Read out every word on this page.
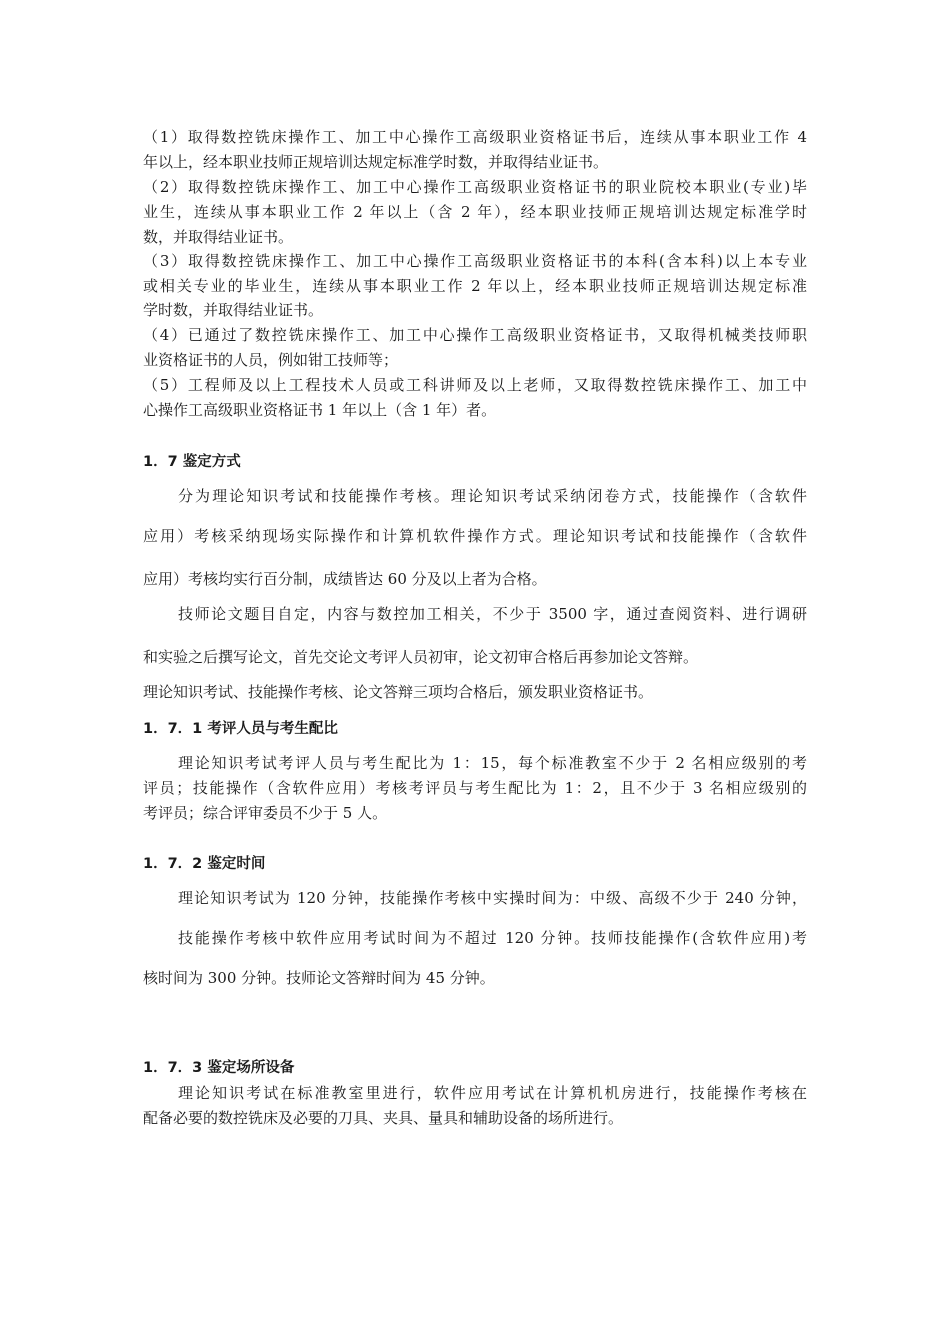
（1）取得数控铣床操作工、加工中心操作工高级职业资格证书后，连续从事本职业工作 4
年以上，经本职业技师正规培训达规定标准学时数，并取得结业证书。
（2）取得数控铣床操作工、加工中心操作工高级职业资格证书的职业院校本职业(专业)毕
业生，连续从事本职业工作 2 年以上（含 2 年），经本职业技师正规培训达规定标准学时
数，并取得结业证书。
（3）取得数控铣床操作工、加工中心操作工高级职业资格证书的本科(含本科)以上本专业
或相关专业的毕业生，连续从事本职业工作 2 年以上，经本职业技师正规培训达规定标准
学时数，并取得结业证书。
（4）已通过了数控铣床操作工、加工中心操作工高级职业资格证书，又取得机械类技师职
业资格证书的人员，例如钳工技师等；
（5）工程师及以上工程技术人员或工科讲师及以上老师，又取得数控铣床操作工、加工中
心操作工高级职业资格证书 1 年以上（含 1 年）者。
1．7 鉴定方式
分为理论知识考试和技能操作考核。理论知识考试采纳闭卷方式，技能操作（含软件
应用）考核采纳现场实际操作和计算机软件操作方式。理论知识考试和技能操作（含软件
应用）考核均实行百分制，成绩皆达 60 分及以上者为合格。
技师论文题目自定，内容与数控加工相关，不少于 3500 字，通过查阅资料、进行调研
和实验之后撰写论文，首先交论文考评人员初审，论文初审合格后再参加论文答辩。
理论知识考试、技能操作考核、论文答辩三项均合格后，颁发职业资格证书。
1．7．1 考评人员与考生配比
理论知识考试考评人员与考生配比为 1：15，每个标准教室不少于 2 名相应级别的考
评员；技能操作（含软件应用）考核考评员与考生配比为 1：2，且不少于 3 名相应级别的
考评员；综合评审委员不少于 5 人。
1．7．2 鉴定时间
理论知识考试为 120 分钟，技能操作考核中实操时间为：中级、高级不少于 240 分钟，
技能操作考核中软件应用考试时间为不超过 120 分钟。技师技能操作(含软件应用)考
核时间为 300 分钟。技师论文答辩时间为 45 分钟。
1．7．3 鉴定场所设备
理论知识考试在标准教室里进行，软件应用考试在计算机机房进行，技能操作考核在
配备必要的数控铣床及必要的刀具、夹具、量具和辅助设备的场所进行。
